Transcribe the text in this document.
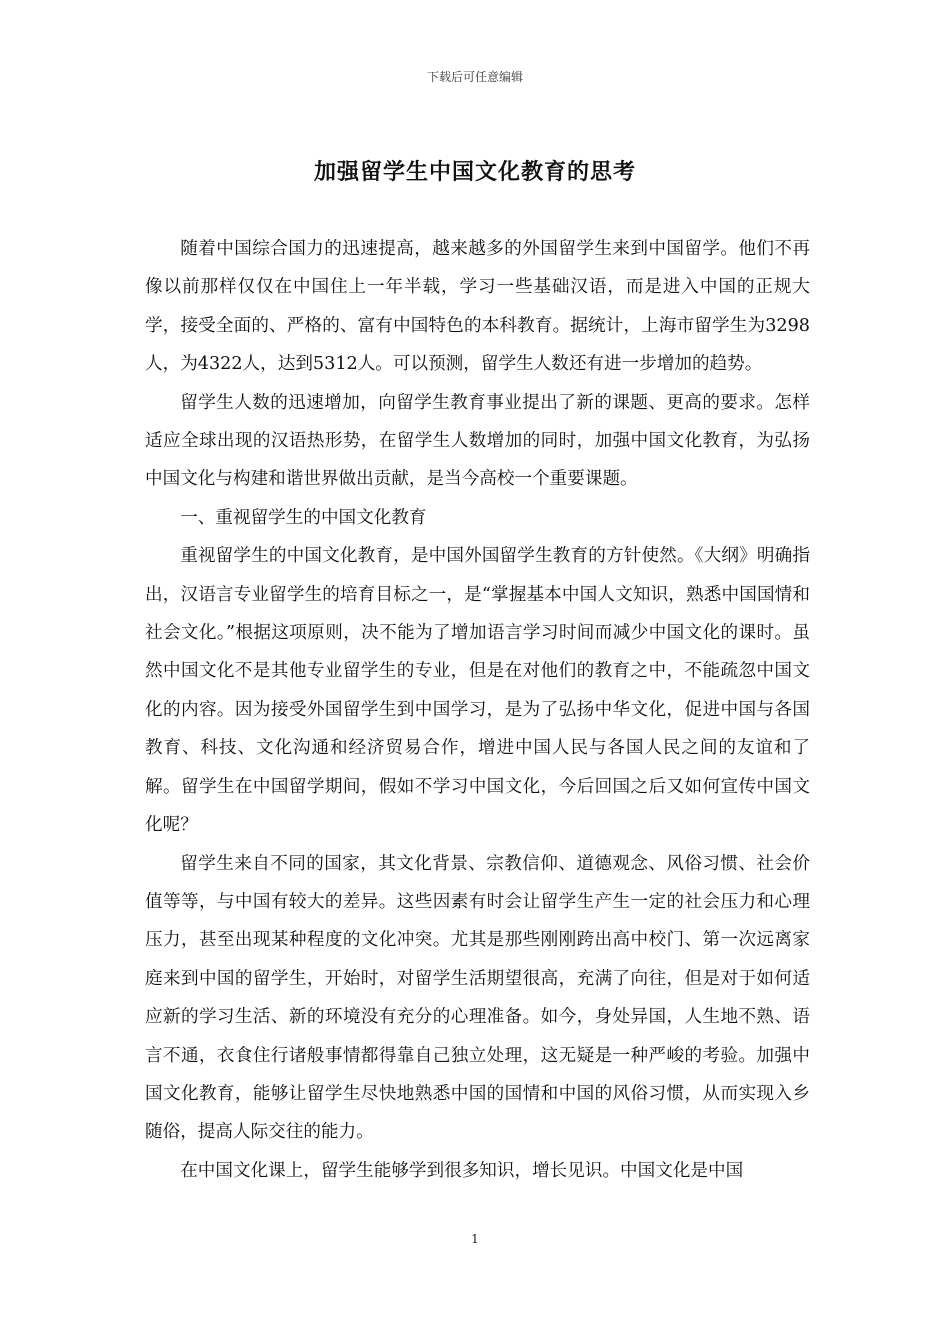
下载后可任意编辑
加强留学生中国文化教育的思考

随着中国综合国力的迅速提高，越来越多的外国留学生来到中国留学。他们不再像以前那样仅仅在中国住上一年半载，学习一些基础汉语，而是进入中国的正规大学，接受全面的、严格的、富有中国特色的本科教育。据统计，上海市留学生为3298人，为4322人，达到5312人。可以预测，留学生人数还有进一步增加的趋势。

留学生人数的迅速增加，向留学生教育事业提出了新的课题、更高的要求。怎样适应全球出现的汉语热形势，在留学生人数增加的同时，加强中国文化教育，为弘扬中国文化与构建和谐世界做出贡献，是当今高校一个重要课题。

一、重视留学生的中国文化教育

重视留学生的中国文化教育，是中国外国留学生教育的方针使然。《大纲》明确指出，汉语言专业留学生的培育目标之一，是“掌握基本中国人文知识，熟悉中国国情和社会文化。”根据这项原则，决不能为了增加语言学习时间而减少中国文化的课时。虽然中国文化不是其他专业留学生的专业，但是在对他们的教育之中，不能疏忽中国文化的内容。因为接受外国留学生到中国学习，是为了弘扬中华文化，促进中国与各国教育、科技、文化沟通和经济贸易合作，增进中国人民与各国人民之间的友谊和了解。留学生在中国留学期间，假如不学习中国文化，今后回国之后又如何宣传中国文化呢？

留学生来自不同的国家，其文化背景、宗教信仰、道德观念、风俗习惯、社会价值等等，与中国有较大的差异。这些因素有时会让留学生产生一定的社会压力和心理压力，甚至出现某种程度的文化冲突。尤其是那些刚刚跨出高中校门、第一次远离家庭来到中国的留学生，开始时，对留学生活期望很高，充满了向往，但是对于如何适应新的学习生活、新的环境没有充分的心理准备。如今，身处异国，人生地不熟、语言不通，衣食住行诸般事情都得靠自己独立处理，这无疑是一种严峻的考验。加强中国文化教育，能够让留学生尽快地熟悉中国的国情和中国的风俗习惯，从而实现入乡随俗，提高人际交往的能力。

在中国文化课上，留学生能够学到很多知识，增长见识。中国文化是中国

1
